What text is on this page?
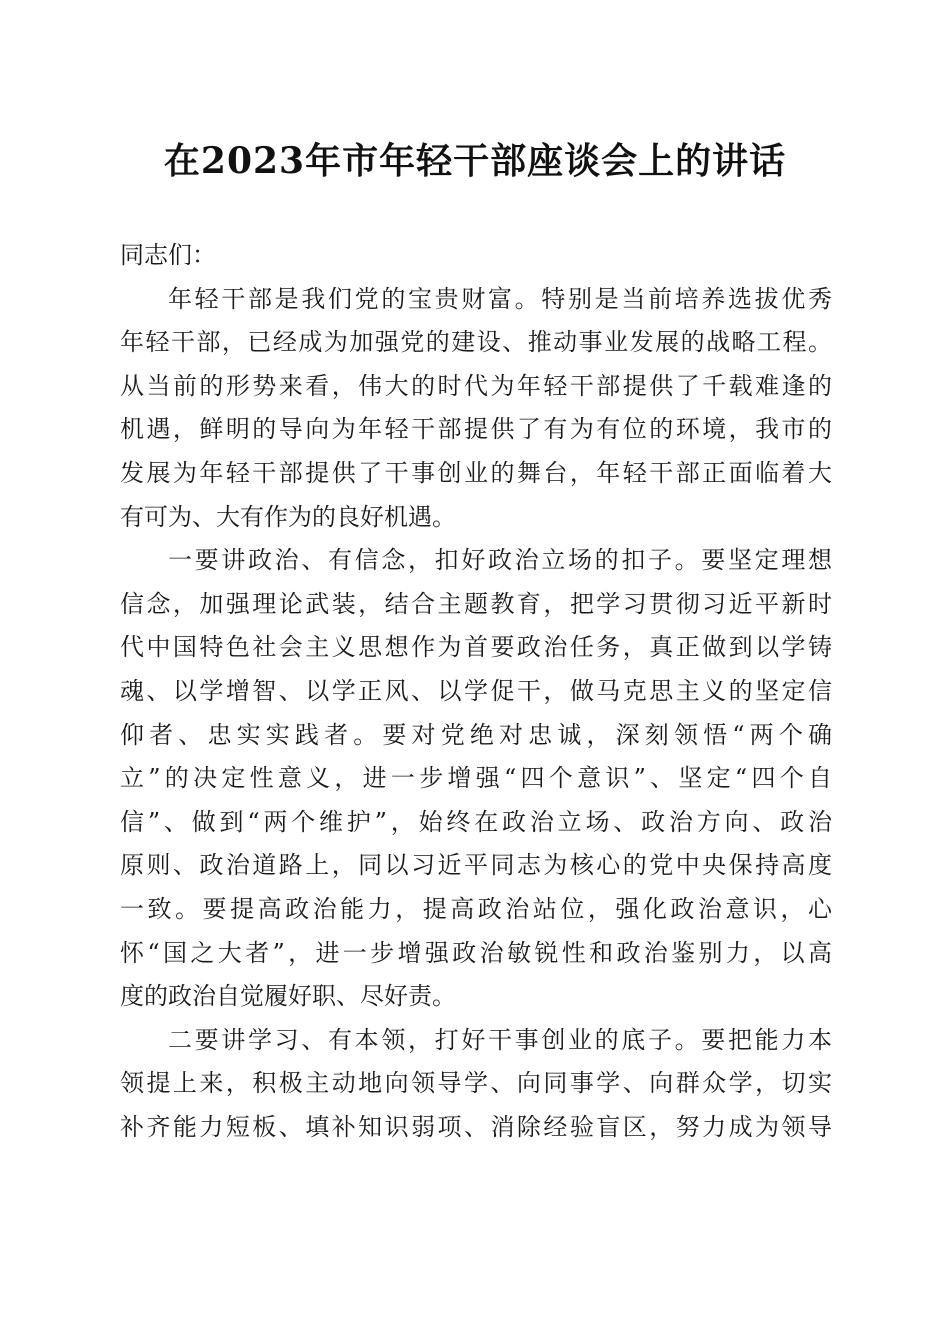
在2023年市年轻干部座谈会上的讲话
同志们：
年轻干部是我们党的宝贵财富。特别是当前培养选拔优秀
年轻干部，已经成为加强党的建设、推动事业发展的战略工程。
从当前的形势来看，伟大的时代为年轻干部提供了千载难逢的
机遇，鲜明的导向为年轻干部提供了有为有位的环境，我市的
发展为年轻干部提供了干事创业的舞台，年轻干部正面临着大
有可为、大有作为的良好机遇。
一要讲政治、有信念，扣好政治立场的扣子。要坚定理想
信念，加强理论武装，结合主题教育，把学习贯彻习近平新时
代中国特色社会主义思想作为首要政治任务，真正做到以学铸
魂、以学增智、以学正风、以学促干，做马克思主义的坚定信
仰者、忠实实践者。要对党绝对忠诚，深刻领悟“两个确
立”的决定性意义，进一步增强“四个意识”、坚定“四个自
信”、做到“两个维护”，始终在政治立场、政治方向、政治
原则、政治道路上，同以习近平同志为核心的党中央保持高度
一致。要提高政治能力，提高政治站位，强化政治意识，心
怀“国之大者”，进一步增强政治敏锐性和政治鉴别力，以高
度的政治自觉履好职、尽好责。
二要讲学习、有本领，打好干事创业的底子。要把能力本
领提上来，积极主动地向领导学、向同事学、向群众学，切实
补齐能力短板、填补知识弱项、消除经验盲区，努力成为领导
